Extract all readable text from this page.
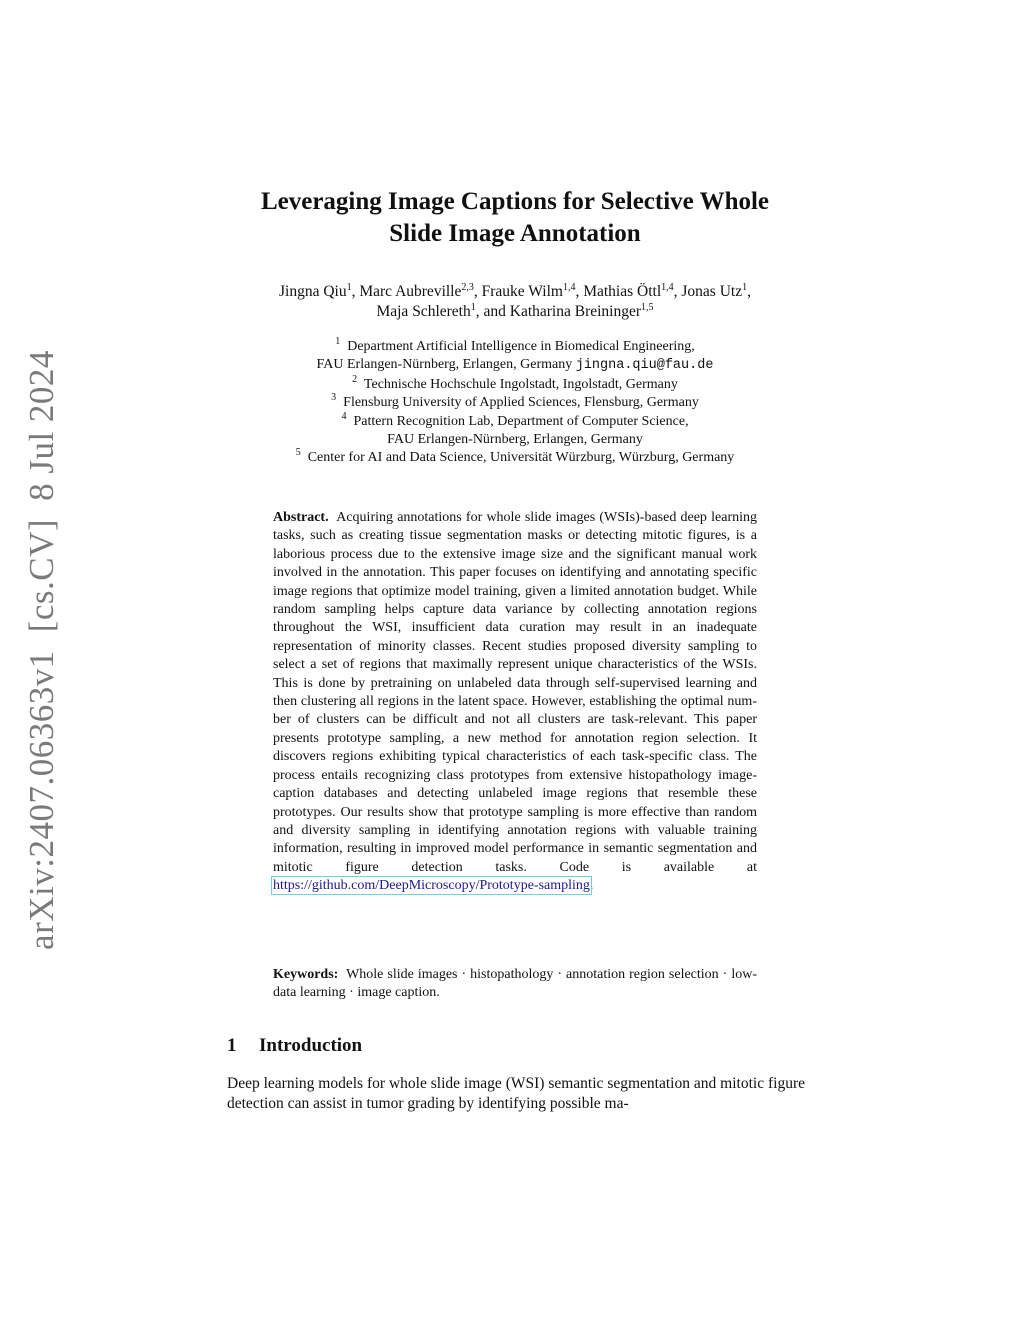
arXiv:2407.06363v1[cs.CV]8 Jul 2024
Leveraging Image Captions for Selective Whole
Slide Image Annotation
Jingna Qiu$^1$, Marc Aubreville$^{2,3}$, Frauke Wilm$^{1,4}$, Mathias Öttl$^{1,4}$, Jonas Utz$^1$,
Maja Schlereth$^1$, and Katharina Breininger$^{1,5}$
$^1$ Department Artificial Intelligence in Biomedical Engineering,
FAU Erlangen-Nürnberg, Erlangen, Germany jingna.qiu@fau.de
$^2$ Technische Hochschule Ingolstadt, Ingolstadt, Germany
$^3$ Flensburg University of Applied Sciences, Flensburg, Germany
$^4$ Pattern Recognition Lab, Department of Computer Science,
FAU Erlangen-Nürnberg, Erlangen, Germany
$^5$ Center for AI and Data Science, Universität Würzburg, Würzburg, Germany
Abstract. Acquiring annotations for whole slide images (WSIs)-based deep learning tasks, such as creating tissue segmentation masks or detecting mitotic figures, is a laborious process due to the extensive image size and the significant manual work involved in the annotation. This paper focuses on identifying and annotating specific image regions that optimize model training, given a limited annotation budget. While random sampling helps capture data variance by collecting annotation regions throughout the WSI, insufficient data curation may result in an inadequate representation of minority classes. Recent studies proposed diversity sampling to select a set of regions that maximally represent unique characteristics of the WSIs. This is done by pretraining on unlabeled data through self-supervised learning and then clustering all regions in the latent space. However, establishing the optimal number of clusters can be difficult and not all clusters are task-relevant. This paper presents prototype sampling, a new method for annotation region selection. It discovers regions exhibiting typical characteristics of each task-specific class. The process entails recognizing class prototypes from extensive histopathology image-caption databases and detecting unlabeled image regions that resemble these prototypes. Our results show that prototype sampling is more effective than random and diversity sampling in identifying annotation regions with valuable training information, resulting in improved model performance in semantic segmentation and mitotic figure detection tasks. Code is available at https://github.com/DeepMicroscopy/Prototype-sampling.
Keywords: Whole slide images · histopathology · annotation region selection · low-data learning · image caption.
1 Introduction
Deep learning models for whole slide image (WSI) semantic segmentation and mitotic figure detection can assist in tumor grading by identifying possible ma-
